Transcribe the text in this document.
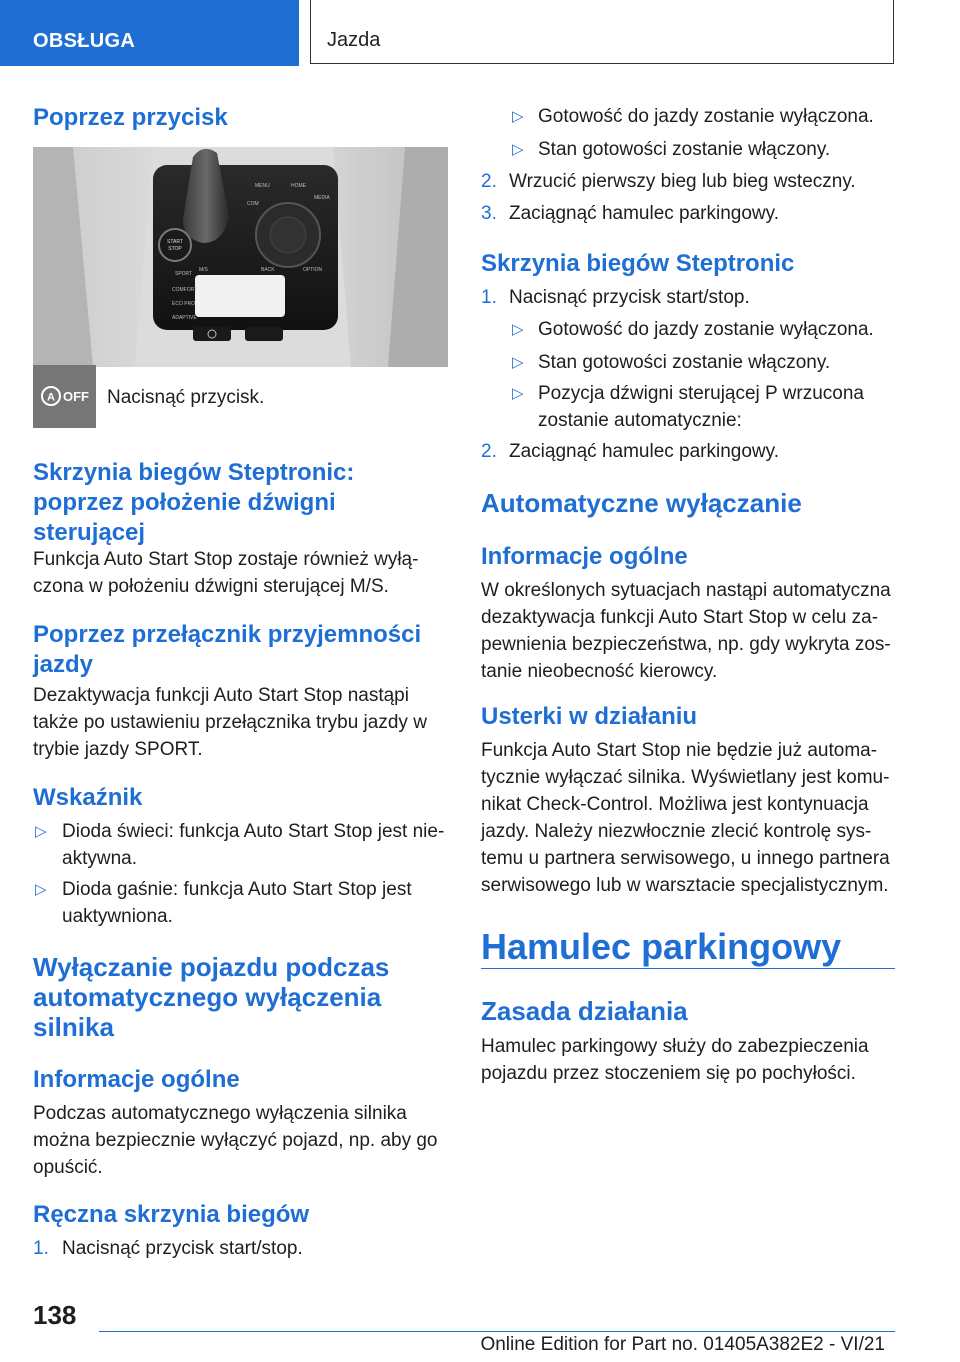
OBSŁUGA	Jazda
Poprzez przycisk
START
STOP
MENU	HOME
COM
MEDIA
BACK	OPTION
COMFORT
ECO PRO
ADAPTIVE
SPORT
M/S
A OFF Nacisnąć przycisk.
Skrzynia biegów Steptronic:
poprzez położenie dźwigni
sterującej
Funkcja Auto Start Stop zostaje również wyłą‐
czona w położeniu dźwigni sterującej M/S.
Poprzez przełącznik przyjemności
jazdy
Dezaktywacja funkcji Auto Start Stop nastąpi
także po ustawieniu przełącznika trybu jazdy w
trybie jazdy SPORT.
Wskaźnik
▷ Dioda świeci: funkcja Auto Start Stop jest nie‐
aktywna.
▷ Dioda gaśnie: funkcja Auto Start Stop jest
uaktywniona.
Wyłączanie pojazdu podczas
automatycznego wyłączenia
silnika
Informacje ogólne
Podczas automatycznego wyłączenia silnika
można bezpiecznie wyłączyć pojazd, np. aby go
opuścić.
Ręczna skrzynia biegów
1. Nacisnąć przycisk start/stop.
▷ Gotowość do jazdy zostanie wyłączona.
▷ Stan gotowości zostanie włączony.
2. Wrzucić pierwszy bieg lub bieg wsteczny.
3. Zaciągnąć hamulec parkingowy.
Skrzynia biegów Steptronic
1. Nacisnąć przycisk start/stop.
▷ Gotowość do jazdy zostanie wyłączona.
▷ Stan gotowości zostanie włączony.
▷ Pozycja dźwigni sterującej P wrzucona
zostanie automatycznie:
2. Zaciągnąć hamulec parkingowy.
Automatyczne wyłączanie
Informacje ogólne
W określonych sytuacjach nastąpi automatyczna
dezaktywacja funkcji Auto Start Stop w celu za‐
pewnienia bezpieczeństwa, np. gdy wykryta zos‐
tanie nieobecność kierowcy.
Usterki w działaniu
Funkcja Auto Start Stop nie będzie już automa‐
tycznie wyłączać silnika. Wyświetlany jest komu‐
nikat Check-Control. Możliwa jest kontynuacja
jazdy. Należy niezwłocznie zlecić kontrolę sys‐
temu u partnera serwisowego, u innego partnera
serwisowego lub w warsztacie specjalistycznym.
Hamulec parkingowy
Zasada działania
Hamulec parkingowy służy do zabezpieczenia
pojazdu przez stoczeniem się po pochyłości.
138
Online Edition for Part no. 01405A382E2 - VI/21
